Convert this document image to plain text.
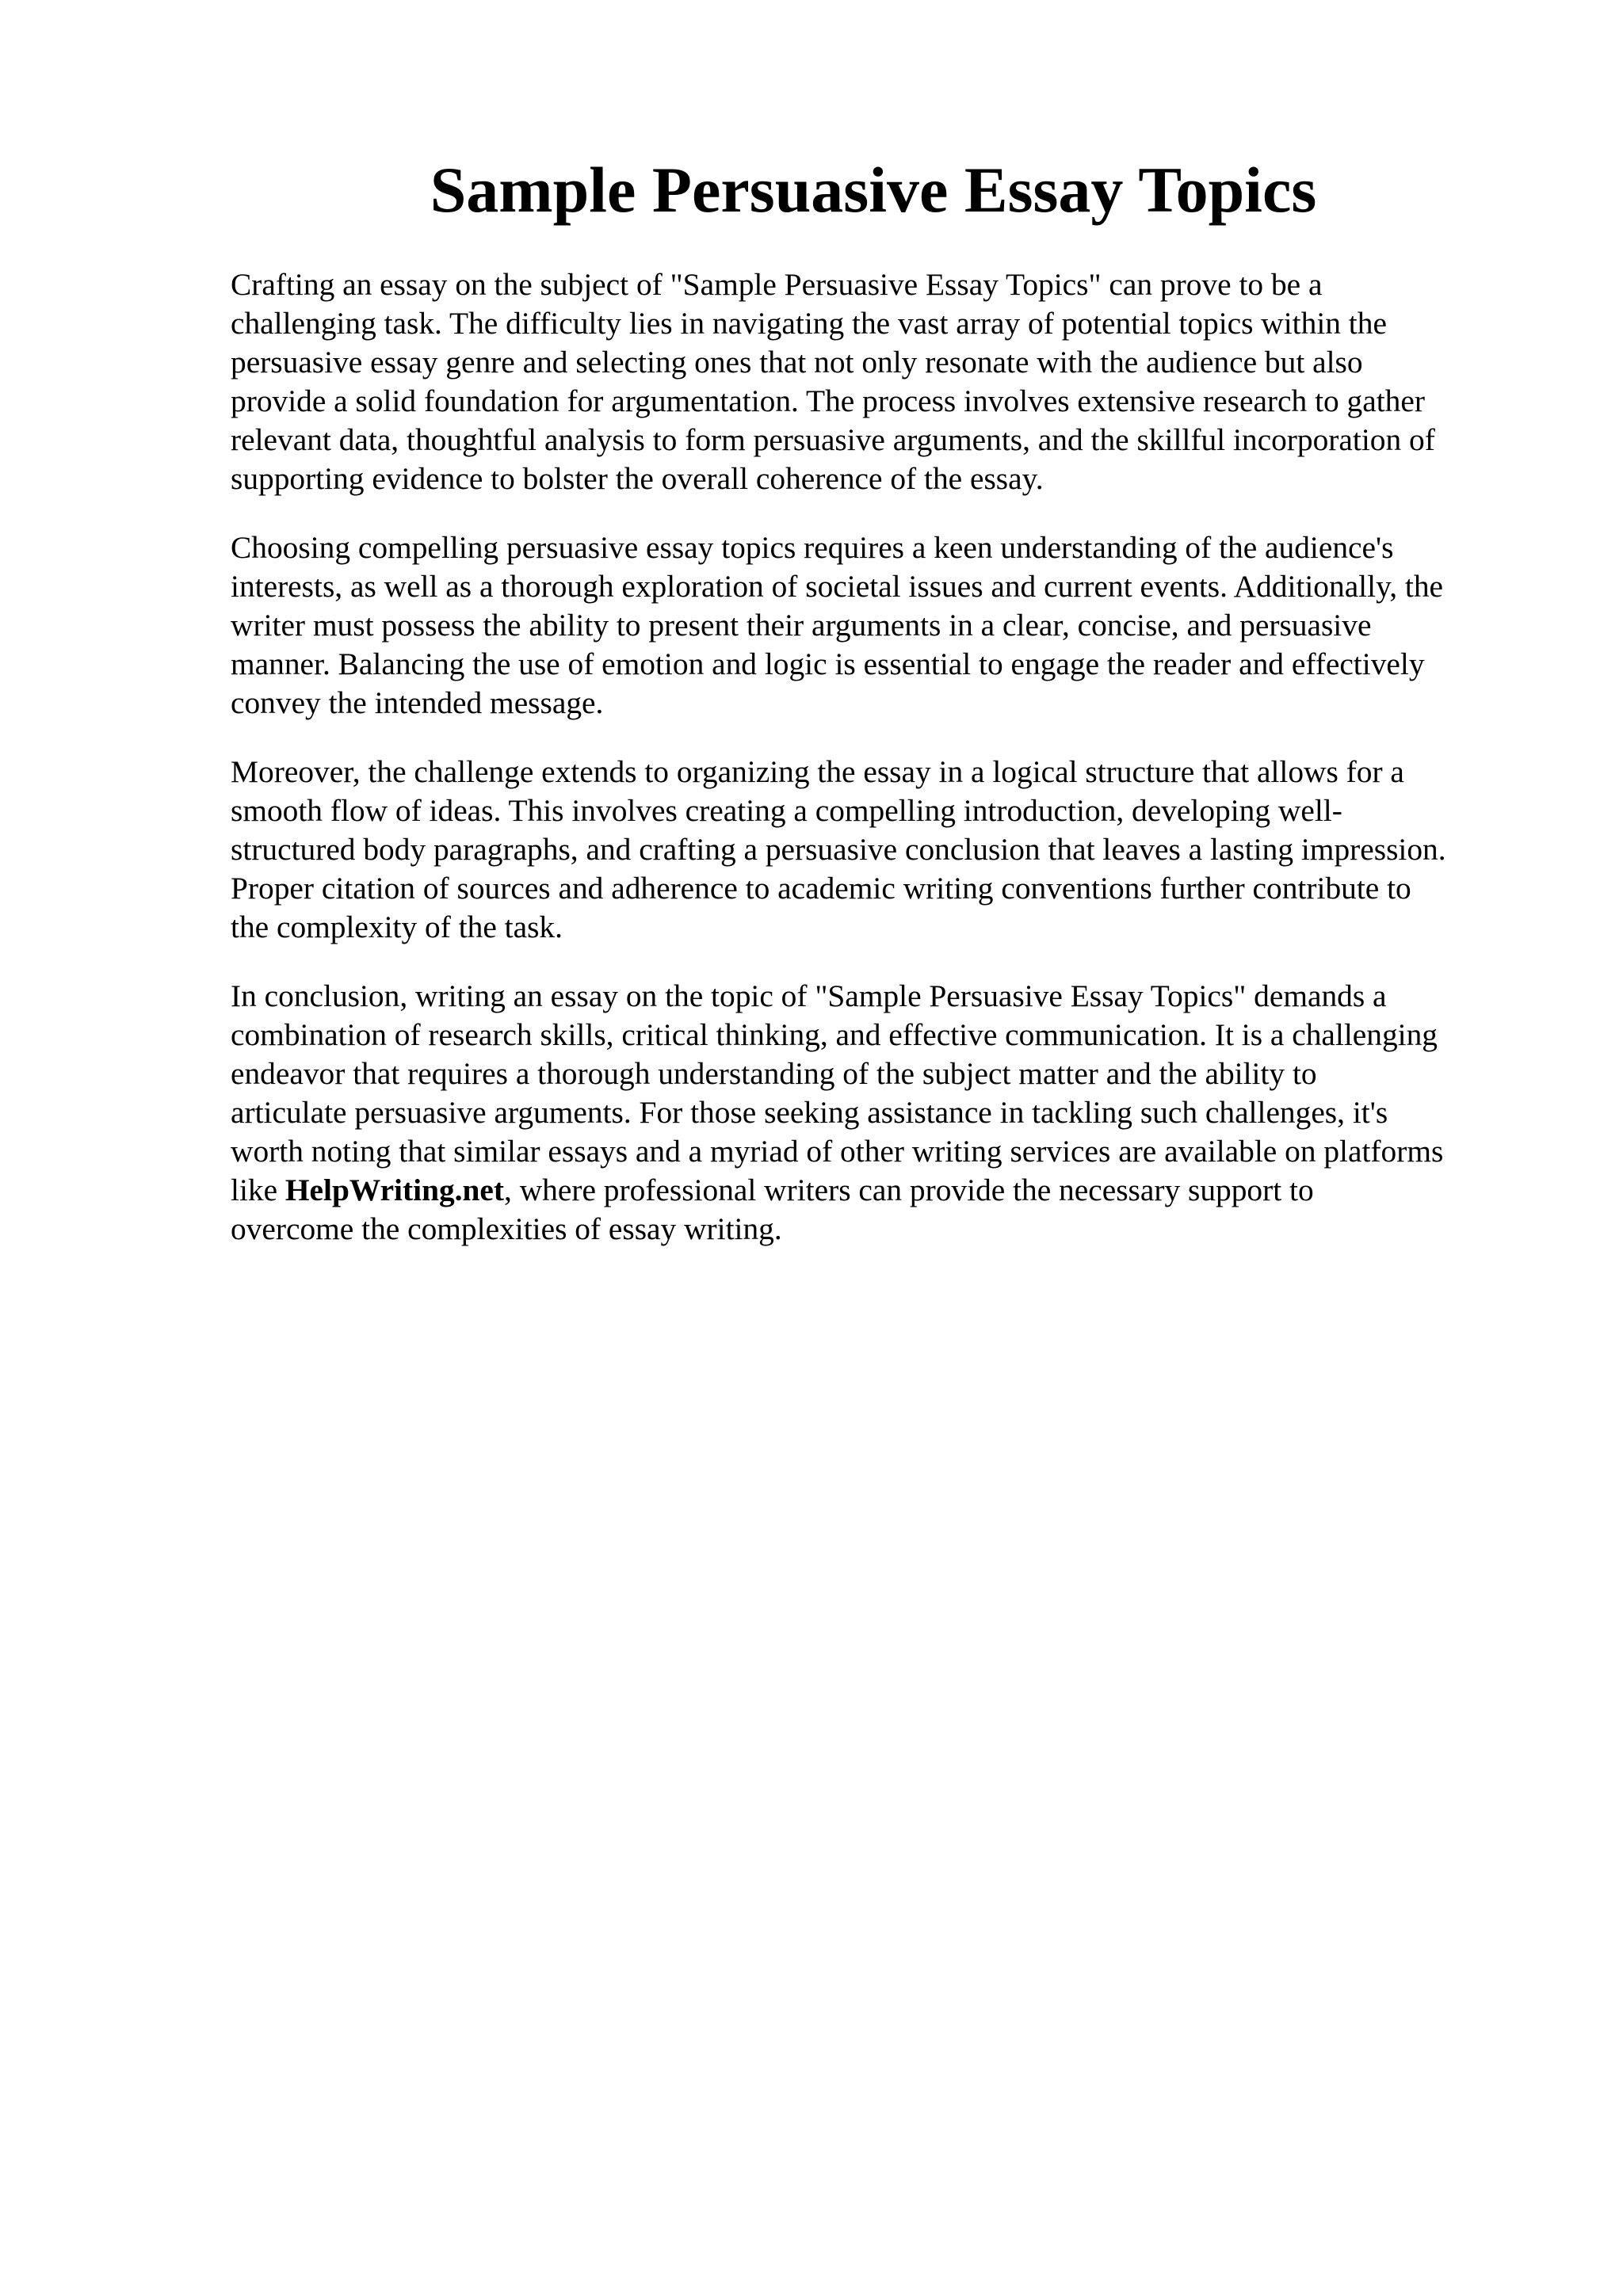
Sample Persuasive Essay Topics

Crafting an essay on the subject of "Sample Persuasive Essay Topics" can prove to be a
challenging task. The difficulty lies in navigating the vast array of potential topics within the
persuasive essay genre and selecting ones that not only resonate with the audience but also
provide a solid foundation for argumentation. The process involves extensive research to gather
relevant data, thoughtful analysis to form persuasive arguments, and the skillful incorporation of
supporting evidence to bolster the overall coherence of the essay.

Choosing compelling persuasive essay topics requires a keen understanding of the audience's
interests, as well as a thorough exploration of societal issues and current events. Additionally, the
writer must possess the ability to present their arguments in a clear, concise, and persuasive
manner. Balancing the use of emotion and logic is essential to engage the reader and effectively
convey the intended message.

Moreover, the challenge extends to organizing the essay in a logical structure that allows for a
smooth flow of ideas. This involves creating a compelling introduction, developing well-
structured body paragraphs, and crafting a persuasive conclusion that leaves a lasting impression.
Proper citation of sources and adherence to academic writing conventions further contribute to
the complexity of the task.

In conclusion, writing an essay on the topic of "Sample Persuasive Essay Topics" demands a
combination of research skills, critical thinking, and effective communication. It is a challenging
endeavor that requires a thorough understanding of the subject matter and the ability to
articulate persuasive arguments. For those seeking assistance in tackling such challenges, it's
worth noting that similar essays and a myriad of other writing services are available on platforms
like HelpWriting.net, where professional writers can provide the necessary support to
overcome the complexities of essay writing.
